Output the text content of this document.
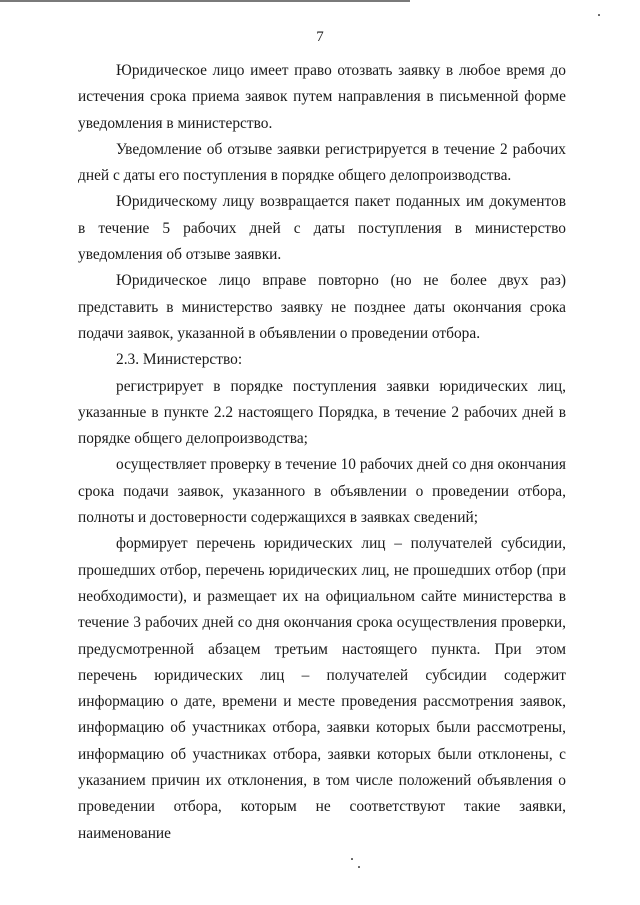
7

Юридическое лицо имеет право отозвать заявку в любое время до истечения срока приема заявок путем направления в письменной форме уведомления в министерство.

Уведомление об отзыве заявки регистрируется в течение 2 рабочих дней с даты его поступления в порядке общего делопроизводства.

Юридическому лицу возвращается пакет поданных им документов в течение 5 рабочих дней с даты поступления в министерство уведомления об отзыве заявки.

Юридическое лицо вправе повторно (но не более двух раз) представить в министерство заявку не позднее даты окончания срока подачи заявок, указанной в объявлении о проведении отбора.

2.3. Министерство:

регистрирует в порядке поступления заявки юридических лиц, указанные в пункте 2.2 настоящего Порядка, в течение 2 рабочих дней в порядке общего делопроизводства;

осуществляет проверку в течение 10 рабочих дней со дня окончания срока подачи заявок, указанного в объявлении о проведении отбора, полноты и достоверности содержащихся в заявках сведений;

формирует перечень юридических лиц – получателей субсидии, прошедших отбор, перечень юридических лиц, не прошедших отбор (при необходимости), и размещает их на официальном сайте министерства в течение 3 рабочих дней со дня окончания срока осуществления проверки, предусмотренной абзацем третьим настоящего пункта. При этом перечень юридических лиц – получателей субсидии содержит информацию о дате, времени и месте проведения рассмотрения заявок, информацию об участниках отбора, заявки которых были рассмотрены, информацию об участниках отбора, заявки которых были отклонены, с указанием причин их отклонения, в том числе положений объявления о проведении отбора, которым не соответствуют такие заявки, наименование
